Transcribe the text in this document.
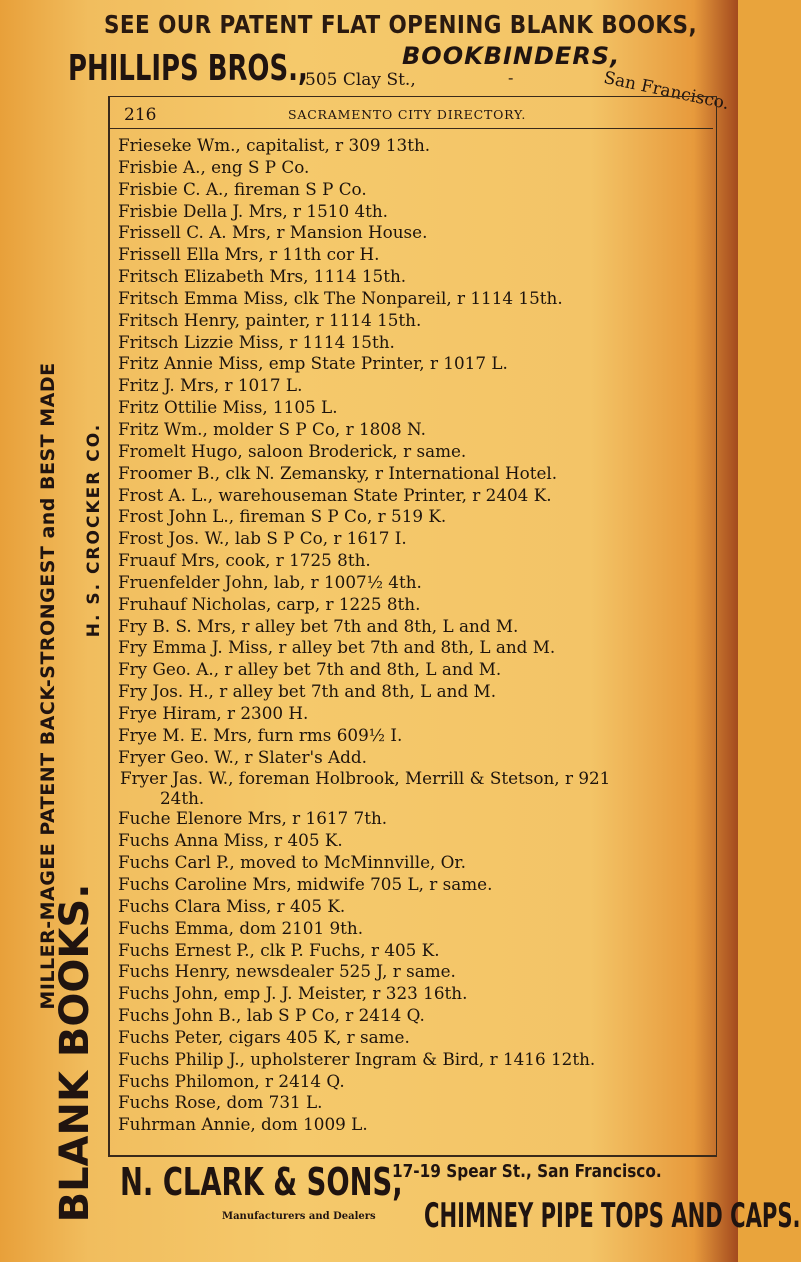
SEE OUR PATENT FLAT OPENING BLANK BOOKS,
PHILLIPS BROS.,	BOOKBINDERS,
505 Clay St.,	-	San Francisco.
MILLER-MAGEE PATENT BACK-STRONGEST and BEST MADE H. S. CROCKER CO.
BLANK BOOKS.
216	SACRAMENTO CITY DIRECTORY.
Frieseke Wm., capitalist, r 309 13th.
Frisbie A., eng S P Co.
Frisbie C. A., fireman S P Co.
Frisbie Della J. Mrs, r 1510 4th.
Frissell C. A. Mrs, r Mansion House.
Frissell Ella Mrs, r 11th cor H.
Fritsch Elizabeth Mrs, 1114 15th.
Fritsch Emma Miss, clk The Nonpareil, r 1114 15th.
Fritsch Henry, painter, r 1114 15th.
Fritsch Lizzie Miss, r 1114 15th.
Fritz Annie Miss, emp State Printer, r 1017 L.
Fritz J. Mrs, r 1017 L.
Fritz Ottilie Miss, 1105 L.
Fritz Wm., molder S P Co, r 1808 N.
Fromelt Hugo, saloon Broderick, r same.
Froomer B., clk N. Zemansky, r International Hotel.
Frost A. L., warehouseman State Printer, r 2404 K.
Frost John L., fireman S P Co, r 519 K.
Frost Jos. W., lab S P Co, r 1617 I.
Fruauf Mrs, cook, r 1725 8th.
Fruenfelder John, lab, r 1007½ 4th.
Fruhauf Nicholas, carp, r 1225 8th.
Fry B. S. Mrs, r alley bet 7th and 8th, L and M.
Fry Emma J. Miss, r alley bet 7th and 8th, L and M.
Fry Geo. A., r alley bet 7th and 8th, L and M.
Fry Jos. H., r alley bet 7th and 8th, L and M.
Frye Hiram, r 2300 H.
Frye M. E. Mrs, furn rms 609½ I.
Fryer Geo. W., r Slater's Add.
Fryer Jas. W., foreman Holbrook, Merrill & Stetson, r 921
24th.
Fuche Elenore Mrs, r 1617 7th.
Fuchs Anna Miss, r 405 K.
Fuchs Carl P., moved to McMinnville, Or.
Fuchs Caroline Mrs, midwife 705 L, r same.
Fuchs Clara Miss, r 405 K.
Fuchs Emma, dom 2101 9th.
Fuchs Ernest P., clk P. Fuchs, r 405 K.
Fuchs Henry, newsdealer 525 J, r same.
Fuchs John, emp J. J. Meister, r 323 16th.
Fuchs John B., lab S P Co, r 2414 Q.
Fuchs Peter, cigars 405 K, r same.
Fuchs Philip J., upholsterer Ingram & Bird, r 1416 12th.
Fuchs Philomon, r 2414 Q.
Fuchs Rose, dom 731 L.
Fuhrman Annie, dom 1009 L.
N. CLARK & SONS,
17-19 Spear St., San Francisco.
Manufacturers and Dealers CHIMNEY PIPE TOPS AND CAPS.
